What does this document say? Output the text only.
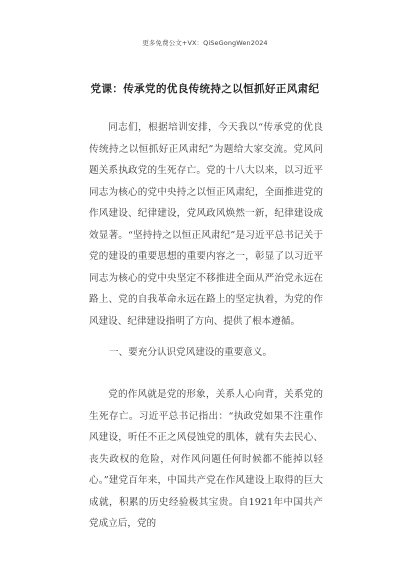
更多免费公文+VX：QiSeGongWen2024
党课：传承党的优良传统持之以恒抓好正风肃纪

同志们，根据培训安排，今天我以“传承党的优良传统持之以恒抓好正风肃纪”为题给大家交流。党风问题关系执政党的生死存亡。党的十八大以来，以习近平同志为核心的党中央持之以恒正风肃纪，全面推进党的作风建设、纪律建设，党风政风焕然一新，纪律建设成效显著。“坚持持之以恒正风肃纪”是习近平总书记关于党的建设的重要思想的重要内容之一，彰显了以习近平同志为核心的党中央坚定不移推进全面从严治党永远在路上、党的自我革命永远在路上的坚定执着，为党的作风建设、纪律建设指明了方向、提供了根本遵循。

一、要充分认识党风建设的重要意义。

党的作风就是党的形象，关系人心向背，关系党的生死存亡。习近平总书记指出：“执政党如果不注重作风建设，听任不正之风侵蚀党的肌体，就有失去民心、丧失政权的危险，对作风问题任何时候都不能掉以轻心。”建党百年来，中国共产党在作风建设上取得的巨大成就，积累的历史经验极其宝贵。自1921年中国共产党成立后，党的
